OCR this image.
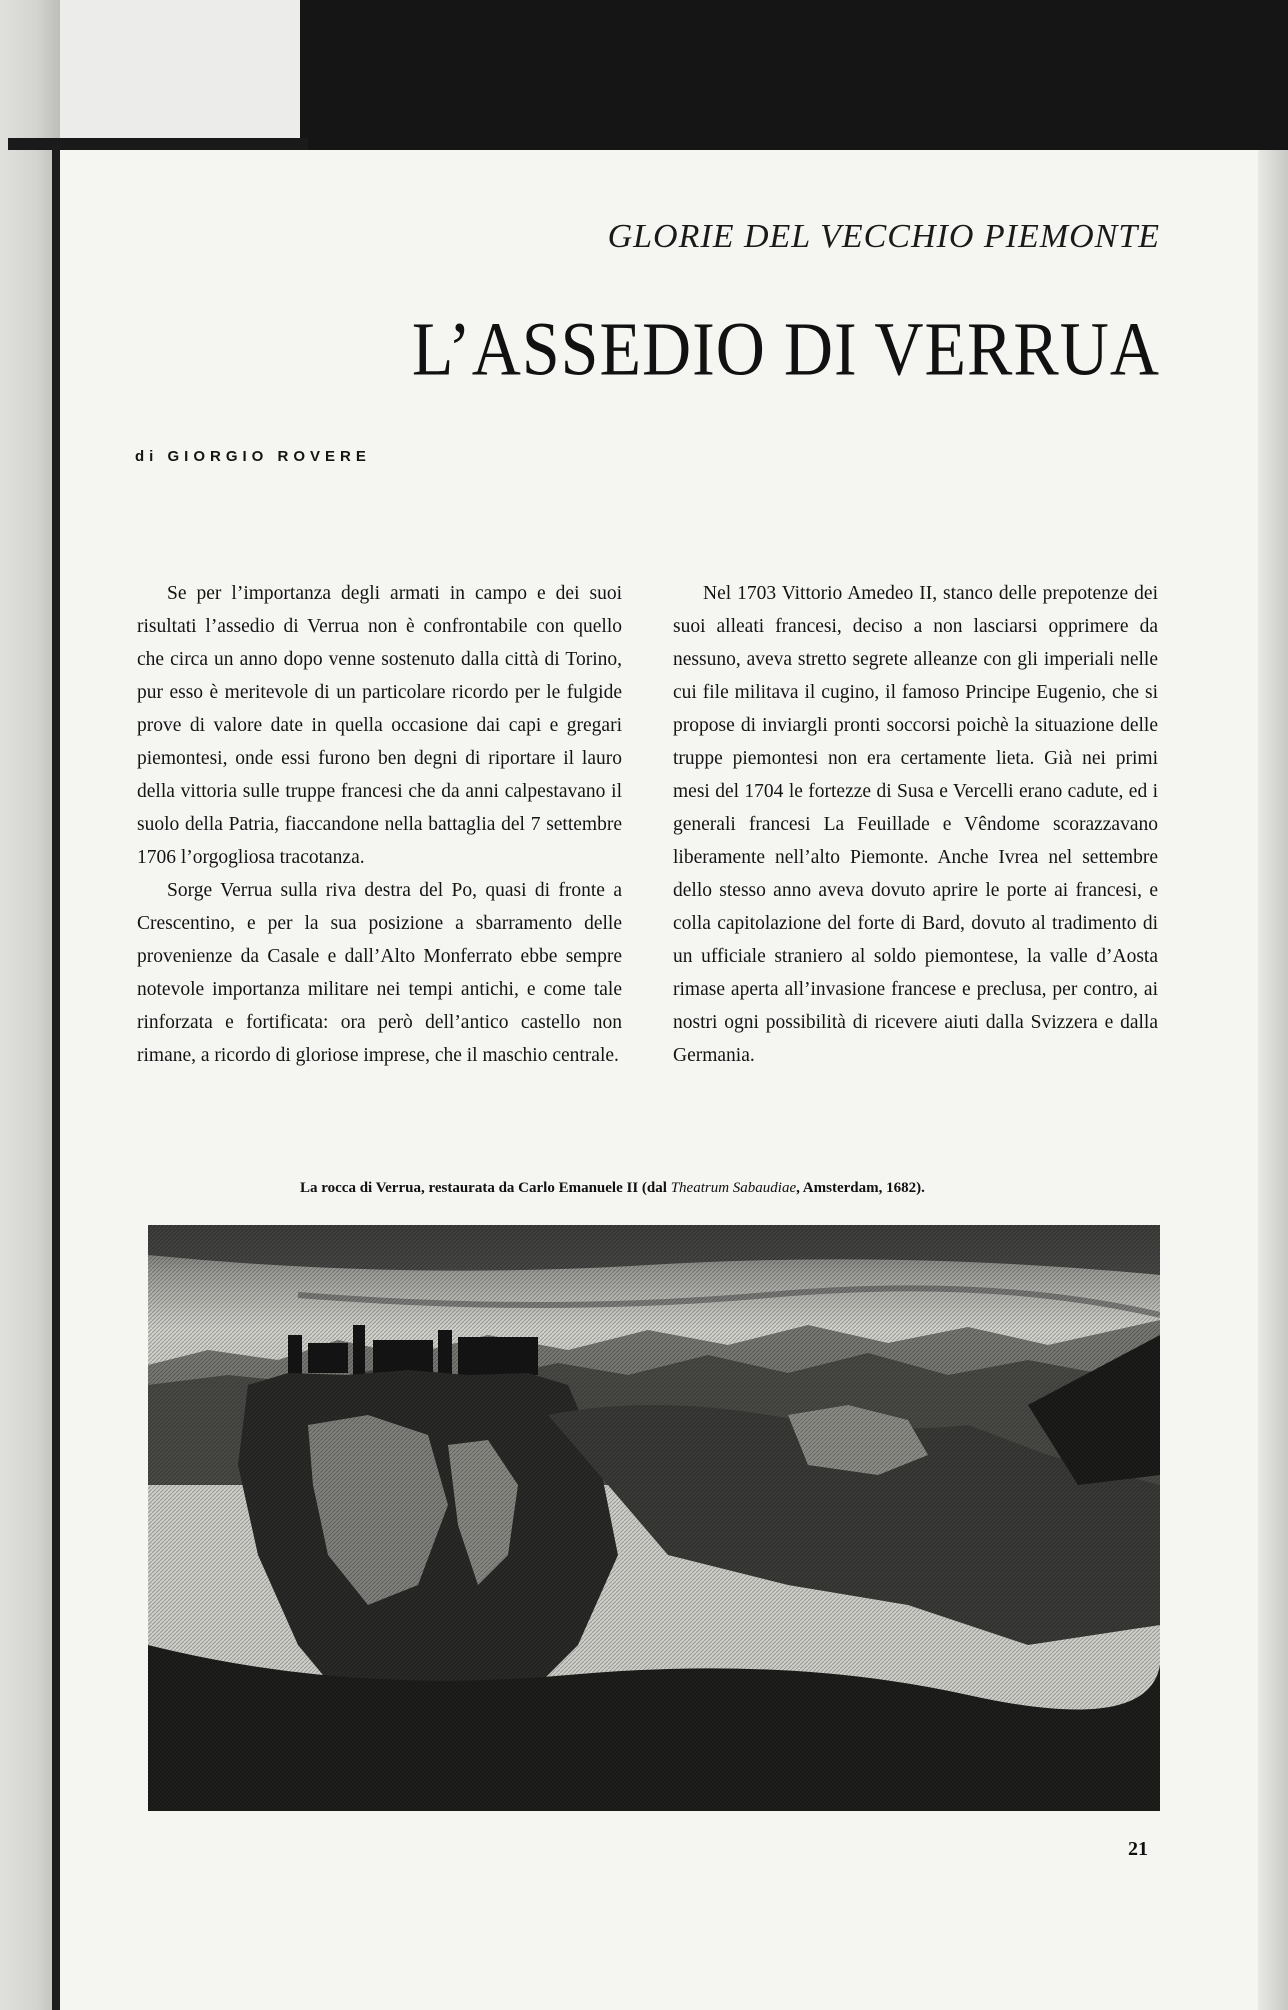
GLORIE DEL VECCHIO PIEMONTE
L’ASSEDIO DI VERRUA
di GIORGIO ROVERE

Se per l’importanza degli armati in campo e dei suoi risultati l’assedio di Verrua non è confrontabile con quello che circa un anno dopo venne sostenuto dalla città di Torino, pur esso è meritevole di un particolare ricordo per le fulgide prove di valore date in quella occasione dai capi e gregari piemontesi, onde essi furono ben degni di riportare il lauro della vittoria sulle truppe francesi che da anni calpestavano il suolo della Patria, fiaccandone nella battaglia del 7 settembre 1706 l’orgogliosa tracotanza.

Sorge Verrua sulla riva destra del Po, quasi di fronte a Crescentino, e per la sua posizione a sbarramento delle provenienze da Casale e dall’Alto Monferrato ebbe sempre notevole importanza militare nei tempi antichi, e come tale rinforzata e fortificata: ora però dell’antico castello non rimane, a ricordo di gloriose imprese, che il maschio centrale.

Nel 1703 Vittorio Amedeo II, stanco delle prepotenze dei suoi alleati francesi, deciso a non lasciarsi opprimere da nessuno, aveva stretto segrete alleanze con gli imperiali nelle cui file militava il cugino, il famoso Principe Eugenio, che si propose di inviargli pronti soccorsi poichè la situazione delle truppe piemontesi non era certamente lieta. Già nei primi mesi del 1704 le fortezze di Susa e Vercelli erano cadute, ed i generali francesi La Feuillade e Vêndome scorazzavano liberamente nell’alto Piemonte. Anche Ivrea nel settembre dello stesso anno aveva dovuto aprire le porte ai francesi, e colla capitolazione del forte di Bard, dovuto al tradimento di un ufficiale straniero al soldo piemontese, la valle d’Aosta rimase aperta all’invasione francese e preclusa, per contro, ai nostri ogni possibilità di ricevere aiuti dalla Svizzera e dalla Germania.

La rocca di Verrua, restaurata da Carlo Emanuele II (dal Theatrum Sabaudiae, Amsterdam, 1682).
21
